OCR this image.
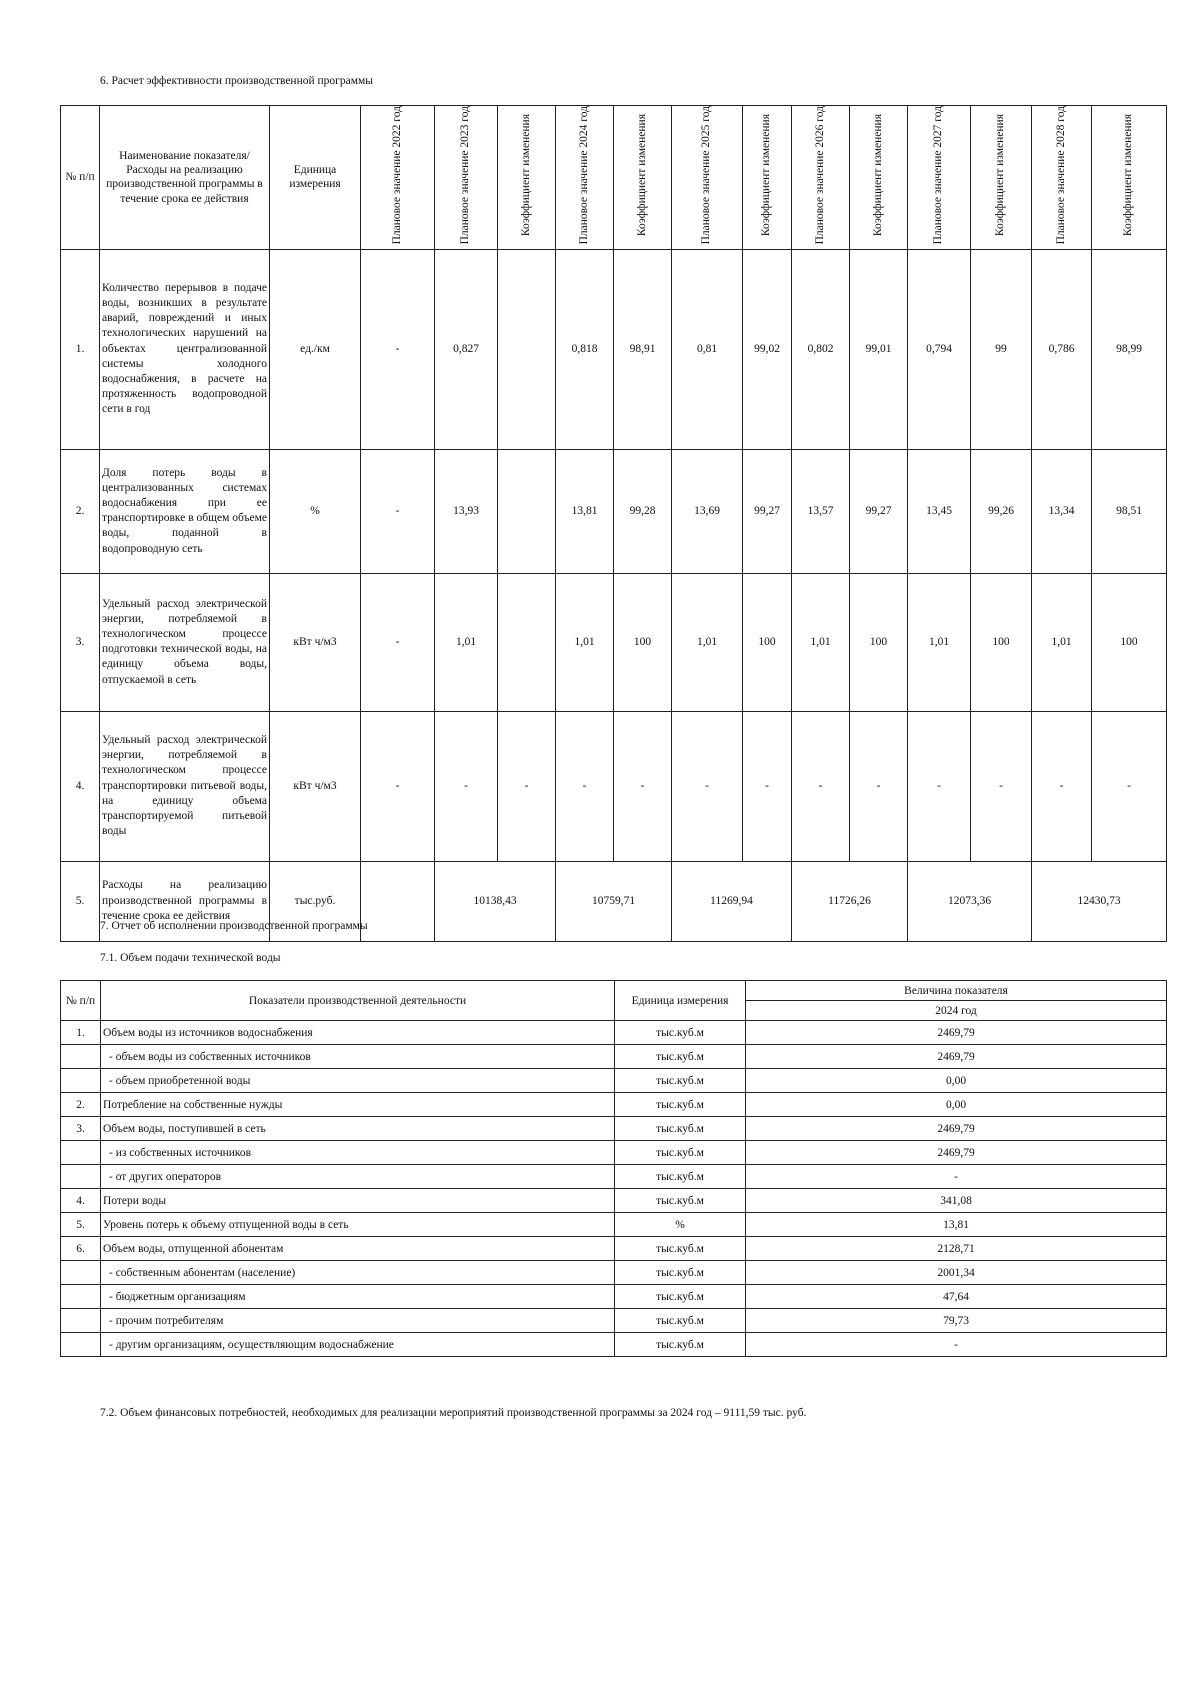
6. Расчет эффективности производственной программы
№ п/п	Наименование показателя/Расходы на реализацию производственной программы в течение срока ее действия	Единица измерения	Плановое значение 2022 год	Плановое значение 2023 год	Коэффициент изменения	Плановое значение 2024 год	Коэффициент изменения	Плановое значение 2025 год	Коэффициент изменения	Плановое значение 2026 год	Коэффициент изменения	Плановое значение 2027 год	Коэффициент изменения	Плановое значение 2028 год	Коэффициент изменения
1.	Количество перерывов в подаче воды, возникших в результате аварий, повреждений и иных технологических нарушений на объектах централизованной системы холодного водоснабжения, в расчете на протяженность водопроводной сети в год	ед./км	-	0,827		0,818	98,91	0,81	99,02	0,802	99,01	0,794	99	0,786	98,99
2.	Доля потерь воды в централизованных системах водоснабжения при ее транспортировке в общем объеме воды, поданной в водопроводную сеть	%	-	13,93		13,81	99,28	13,69	99,27	13,57	99,27	13,45	99,26	13,34	98,51
3.	Удельный расход электрической энергии, потребляемой в технологическом процессе подготовки технической воды, на единицу объема воды, отпускаемой в сеть	кВт ч/м3	-	1,01		1,01	100	1,01	100	1,01	100	1,01	100	1,01	100
4.	Удельный расход электрической энергии, потребляемой в технологическом процессе транспортировки питьевой воды, на единицу объема транспортируемой питьевой воды	кВт ч/м3	-	-	-	-	-	-	-	-	-	-	-	-	-
5.	Расходы на реализацию производственной программы в течение срока ее действия	тыс.руб.		10138,43		10759,71		11269,94		11726,26		12073,36		12430,73	
7. Отчет об исполнении производственной программы
7.1. Объем подачи технической воды
№ п/п	Показатели производственной деятельности	Единица измерения	Величина показателя
			2024 год
1.	Объем воды из источников водоснабжения	тыс.куб.м	2469,79
	- объем воды из собственных источников	тыс.куб.м	2469,79
	- объем приобретенной воды	тыс.куб.м	0,00
2.	Потребление на собственные нужды	тыс.куб.м	0,00
3.	Объем воды, поступившей в сеть	тыс.куб.м	2469,79
	- из собственных источников	тыс.куб.м	2469,79
	- от других операторов	тыс.куб.м	-
4.	Потери воды	тыс.куб.м	341,08
5.	Уровень потерь к объему отпущенной воды в сеть	%	13,81
6.	Объем воды, отпущенной абонентам	тыс.куб.м	2128,71
	- собственным абонентам (население)	тыс.куб.м	2001,34
	- бюджетным организациям	тыс.куб.м	47,64
	- прочим потребителям	тыс.куб.м	79,73
	- другим организациям, осуществляющим водоснабжение	тыс.куб.м	-
7.2. Объем финансовых потребностей, необходимых для реализации мероприятий производственной программы за 2024 год – 9111,59 тыс. руб.
